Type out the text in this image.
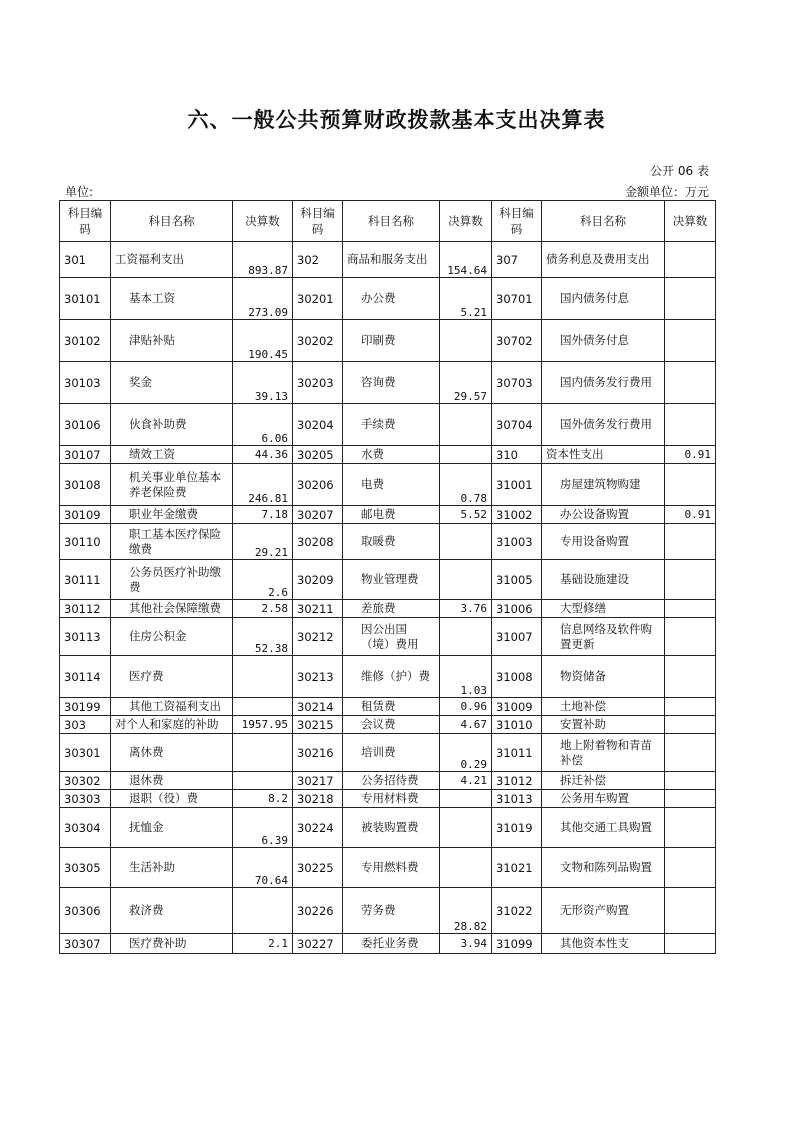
六、一般公共预算财政拨款基本支出决算表
公开 06 表
单位:	金额单位：万元
科目编码	科目名称	决算数	科目编码	科目名称	决算数	科目编码	科目名称	决算数
301	工资福利支出	893.87	302	商品和服务支出	154.64	307	债务利息及费用支出	
30101	基本工资	273.09	30201	办公费	5.21	30701	国内债务付息	
30102	津贴补贴	190.45	30202	印刷费		30702	国外债务付息	
30103	奖金	39.13	30203	咨询费	29.57	30703	国内债务发行费用	
30106	伙食补助费	6.06	30204	手续费		30704	国外债务发行费用	
30107	绩效工资	44.36	30205	水费		310	资本性支出	0.91
30108	机关事业单位基本养老保险费	246.81	30206	电费	0.78	31001	房屋建筑物购建	
30109	职业年金缴费	7.18	30207	邮电费	5.52	31002	办公设备购置	0.91
30110	职工基本医疗保险缴费	29.21	30208	取暖费		31003	专用设备购置	
30111	公务员医疗补助缴费	2.6	30209	物业管理费		31005	基础设施建设	
30112	其他社会保障缴费	2.58	30211	差旅费	3.76	31006	大型修缮	
30113	住房公积金	52.38	30212	因公出国（境）费用		31007	信息网络及软件购置更新	
30114	医疗费		30213	维修（护）费	1.03	31008	物资储备	
30199	其他工资福利支出		30214	租赁费	0.96	31009	土地补偿	
303	对个人和家庭的补助	1957.95	30215	会议费	4.67	31010	安置补助	
30301	离休费		30216	培训费	0.29	31011	地上附着物和青苗补偿	
30302	退休费		30217	公务招待费	4.21	31012	拆迁补偿	
30303	退职（役）费	8.2	30218	专用材料费		31013	公务用车购置	
30304	抚恤金	6.39	30224	被装购置费		31019	其他交通工具购置	
30305	生活补助	70.64	30225	专用燃料费		31021	文物和陈列品购置	
30306	救济费		30226	劳务费	28.82	31022	无形资产购置	
30307	医疗费补助	2.1	30227	委托业务费	3.94	31099	其他资本性支	
